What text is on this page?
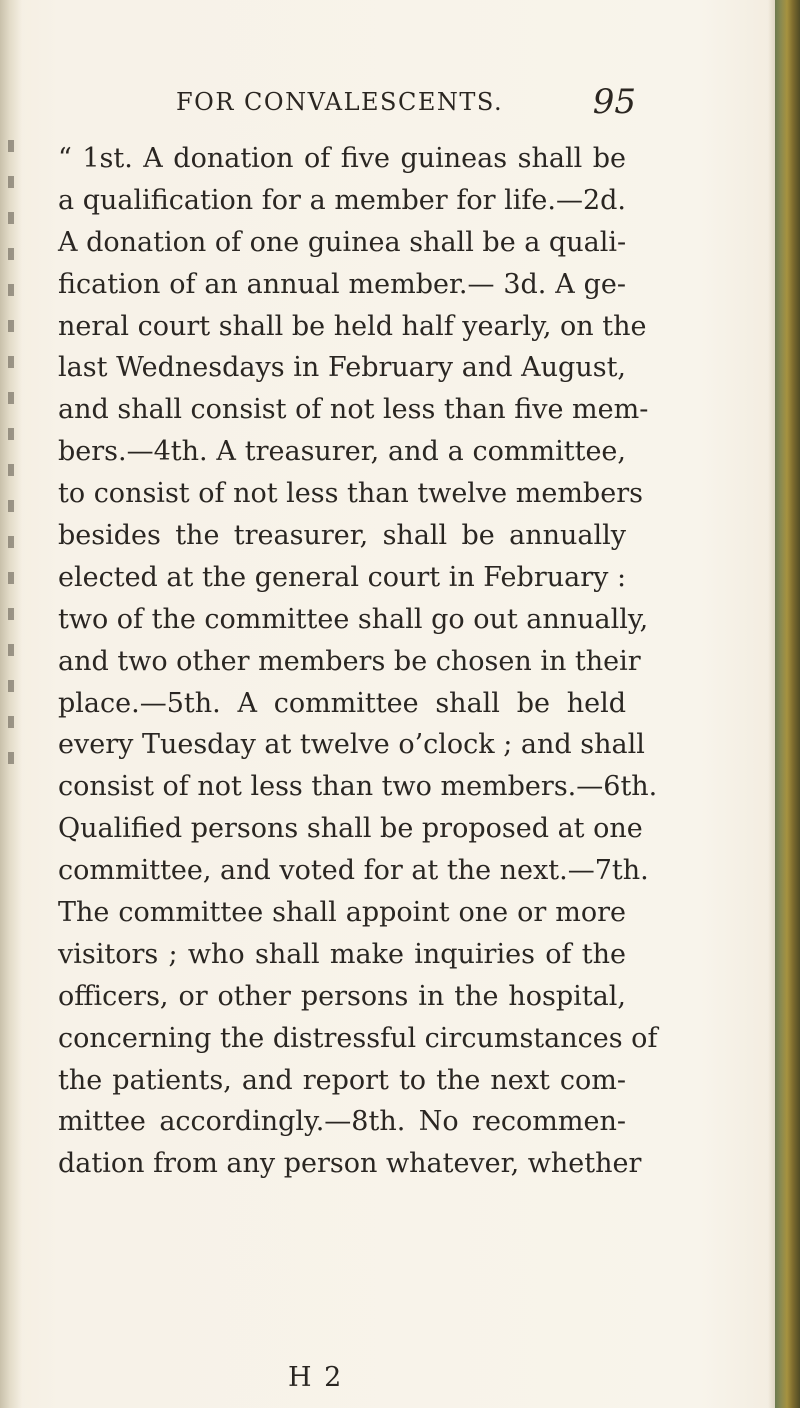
FOR CONVALESCENTS.	95
“ 1st. A donation of five guineas shall be
a qualification for a member for life.—2d.
A donation of one guinea shall be a quali-
fication of an annual member.— 3d. A ge-
neral court shall be held half yearly, on the
last Wednesdays in February and August,
and shall consist of not less than five mem-
bers.—4th. A treasurer, and a committee,
to consist of not less than twelve members
besides the treasurer, shall be annually
elected at the general court in February :
two of the committee shall go out annually,
and two other members be chosen in their
place.—5th. A committee shall be held
every Tuesday at twelve o’clock ; and shall
consist of not less than two members.—6th.
Qualified persons shall be proposed at one
committee, and voted for at the next.—7th.
The committee shall appoint one or more
visitors ; who shall make inquiries of the
officers, or other persons in the hospital,
concerning the distressful circumstances of
the patients, and report to the next com-
mittee accordingly.—8th. No recommen-
dation from any person whatever, whether
H 2
